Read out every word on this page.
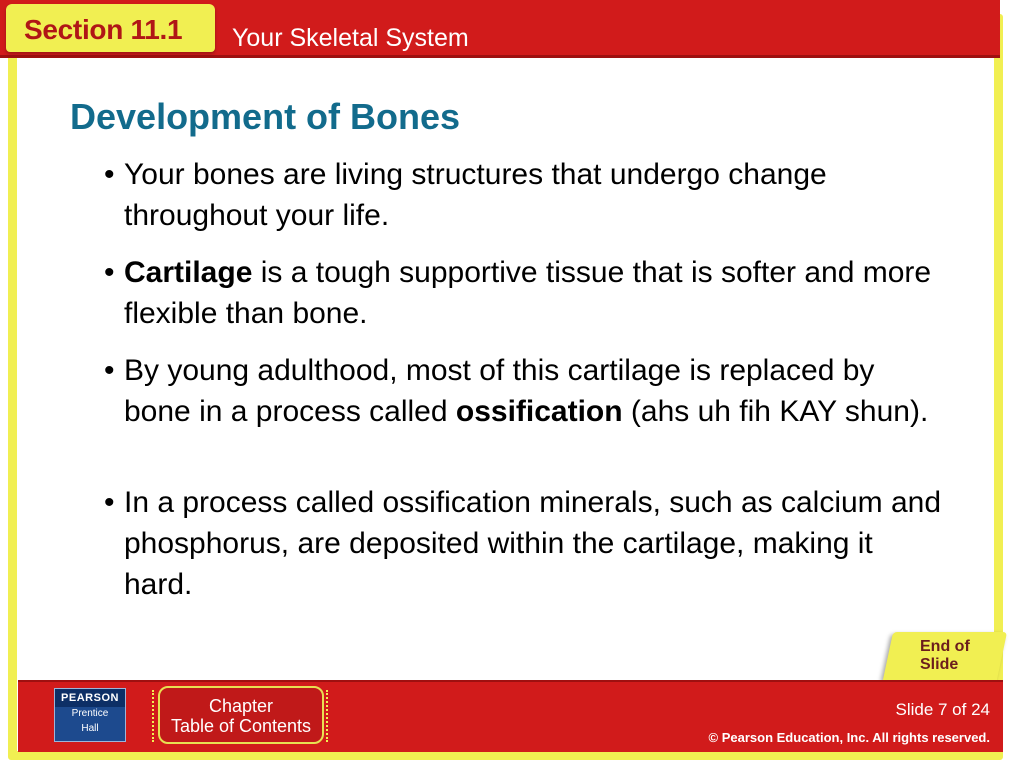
Section 11.1 Your Skeletal System
Development of Bones
• Your bones are living structures that undergo change throughout your life.
• Cartilage is a tough supportive tissue that is softer and more flexible than bone.
• By young adulthood, most of this cartilage is replaced by bone in a process called ossification (ahs uh fih KAY shun).
• In a process called ossification minerals, such as calcium and phosphorus, are deposited within the cartilage, making it hard.
End of Slide
PEARSON
Prentice
Hall
Chapter
Table of Contents
Slide 7 of 24
© Pearson Education, Inc. All rights reserved.
